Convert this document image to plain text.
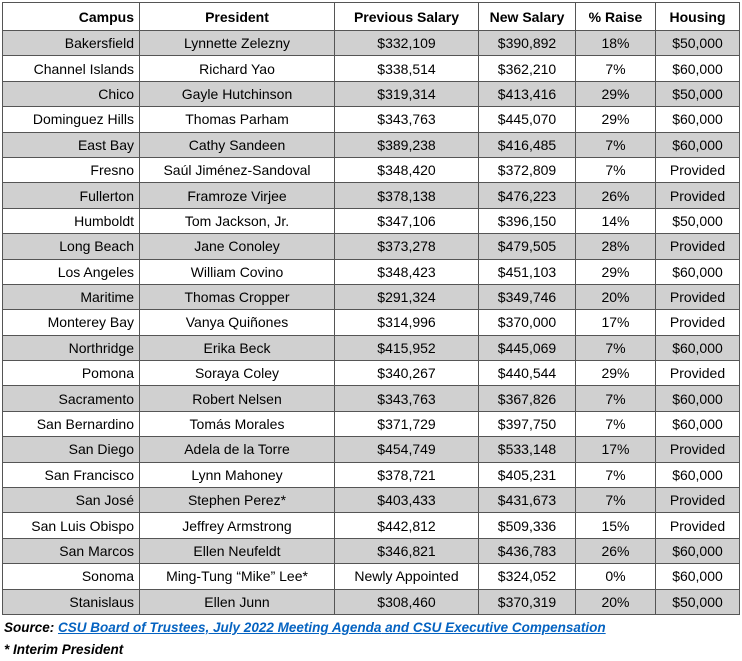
Campus	President	Previous Salary	New Salary	% Raise	Housing
Bakersfield	Lynnette Zelezny	$332,109	$390,892	18%	$50,000
Channel Islands	Richard Yao	$338,514	$362,210	7%	$60,000
Chico	Gayle Hutchinson	$319,314	$413,416	29%	$50,000
Dominguez Hills	Thomas Parham	$343,763	$445,070	29%	$60,000
East Bay	Cathy Sandeen	$389,238	$416,485	7%	$60,000
Fresno	Saúl Jiménez-Sandoval	$348,420	$372,809	7%	Provided
Fullerton	Framroze Virjee	$378,138	$476,223	26%	Provided
Humboldt	Tom Jackson, Jr.	$347,106	$396,150	14%	$50,000
Long Beach	Jane Conoley	$373,278	$479,505	28%	Provided
Los Angeles	William Covino	$348,423	$451,103	29%	$60,000
Maritime	Thomas Cropper	$291,324	$349,746	20%	Provided
Monterey Bay	Vanya Quiñones	$314,996	$370,000	17%	Provided
Northridge	Erika Beck	$415,952	$445,069	7%	$60,000
Pomona	Soraya Coley	$340,267	$440,544	29%	Provided
Sacramento	Robert Nelsen	$343,763	$367,826	7%	$60,000
San Bernardino	Tomás Morales	$371,729	$397,750	7%	$60,000
San Diego	Adela de la Torre	$454,749	$533,148	17%	Provided
San Francisco	Lynn Mahoney	$378,721	$405,231	7%	$60,000
San José	Stephen Perez*	$403,433	$431,673	7%	Provided
San Luis Obispo	Jeffrey Armstrong	$442,812	$509,336	15%	Provided
San Marcos	Ellen Neufeldt	$346,821	$436,783	26%	$60,000
Sonoma	Ming-Tung “Mike” Lee*	Newly Appointed	$324,052	0%	$60,000
Stanislaus	Ellen Junn	$308,460	$370,319	20%	$50,000
Source: CSU Board of Trustees, July 2022 Meeting Agenda and CSU Executive Compensation
* Interim President
